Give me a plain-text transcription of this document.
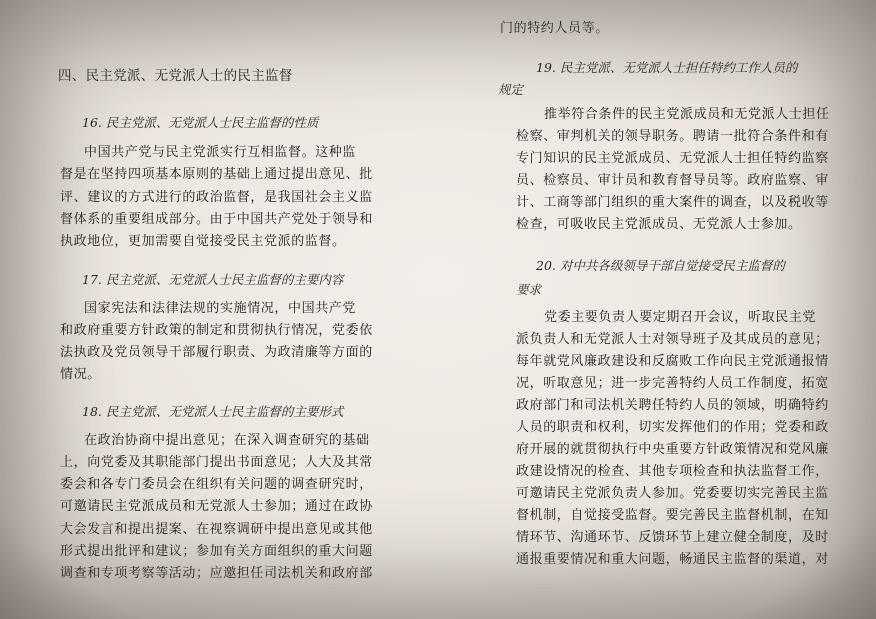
四、民主党派、无党派人士的民主监督
16. 民主党派、无党派人士民主监督的性质
中国共产党与民主党派实行互相监督。这种监
督是在坚持四项基本原则的基础上通过提出意见、批
评、建议的方式进行的政治监督，是我国社会主义监
督体系的重要组成部分。由于中国共产党处于领导和
执政地位，更加需要自觉接受民主党派的监督。
17. 民主党派、无党派人士民主监督的主要内容
国家宪法和法律法规的实施情况，中国共产党
和政府重要方针政策的制定和贯彻执行情况，党委依
法执政及党员领导干部履行职责、为政清廉等方面的
情况。
18. 民主党派、无党派人士民主监督的主要形式
在政治协商中提出意见；在深入调查研究的基础
上，向党委及其职能部门提出书面意见；人大及其常
委会和各专门委员会在组织有关问题的调查研究时，
可邀请民主党派成员和无党派人士参加；通过在政协
大会发言和提出提案、在视察调研中提出意见或其他
形式提出批评和建议；参加有关方面组织的重大问题
调查和专项考察等活动；应邀担任司法机关和政府部
门的特约人员等。
19. 民主党派、无党派人士担任特约工作人员的
规定
推举符合条件的民主党派成员和无党派人士担任
检察、审判机关的领导职务。聘请一批符合条件和有
专门知识的民主党派成员、无党派人士担任特约监察
员、检察员、审计员和教育督导员等。政府监察、审
计、工商等部门组织的重大案件的调查，以及税收等
检查，可吸收民主党派成员、无党派人士参加。
20. 对中共各级领导干部自觉接受民主监督的
要求
党委主要负责人要定期召开会议，听取民主党
派负责人和无党派人士对领导班子及其成员的意见；
每年就党风廉政建设和反腐败工作向民主党派通报情
况，听取意见；进一步完善特约人员工作制度，拓宽
政府部门和司法机关聘任特约人员的领域，明确特约
人员的职责和权利，切实发挥他们的作用；党委和政
府开展的就贯彻执行中央重要方针政策情况和党风廉
政建设情况的检查、其他专项检查和执法监督工作，
可邀请民主党派负责人参加。党委要切实完善民主监
督机制，自觉接受监督。要完善民主监督机制，在知
情环节、沟通环节、反馈环节上建立健全制度，及时
通报重要情况和重大问题，畅通民主监督的渠道，对
